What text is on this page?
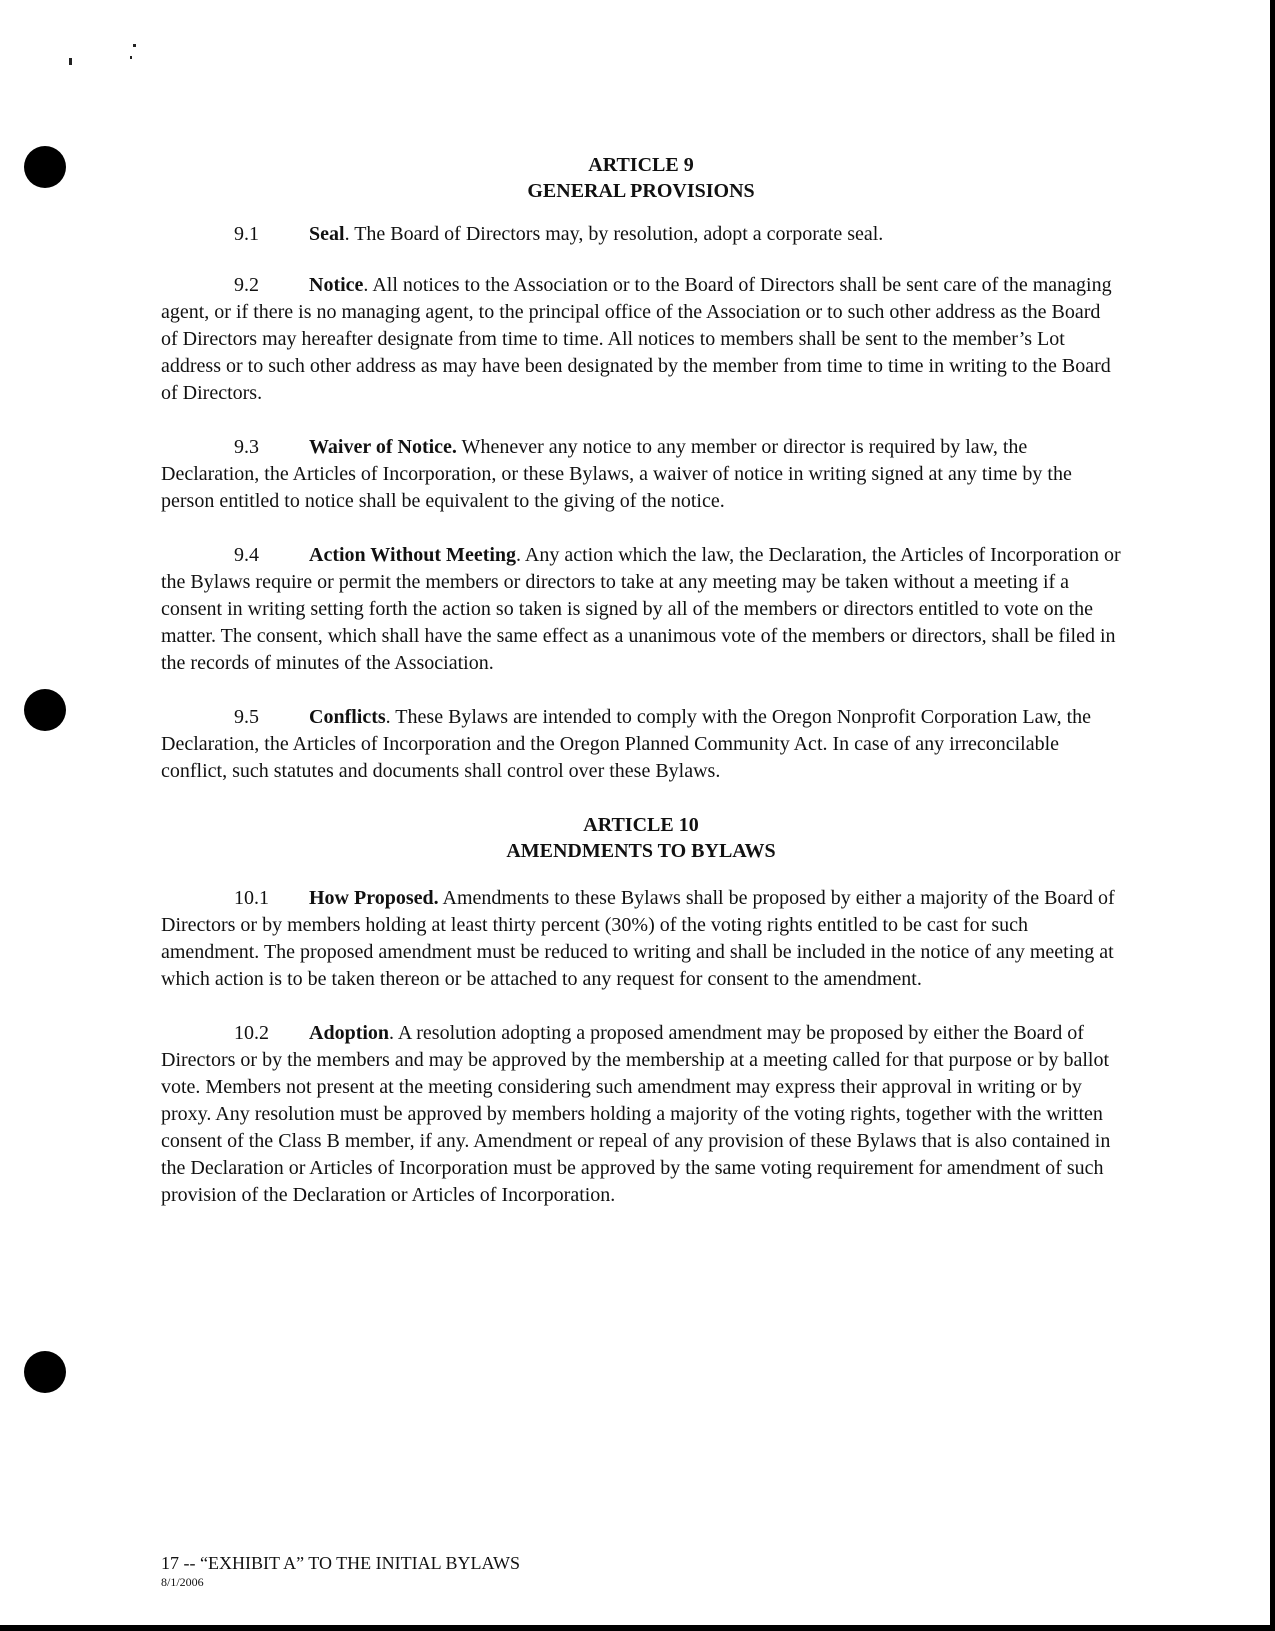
ARTICLE 9
GENERAL PROVISIONS

9.1	Seal. The Board of Directors may, by resolution, adopt a corporate seal.

9.2	Notice. All notices to the Association or to the Board of Directors shall be sent care of the managing agent, or if there is no managing agent, to the principal office of the Association or to such other address as the Board of Directors may hereafter designate from time to time. All notices to members shall be sent to the member’s Lot address or to such other address as may have been designated by the member from time to time in writing to the Board of Directors.

9.3	Waiver of Notice. Whenever any notice to any member or director is required by law, the Declaration, the Articles of Incorporation, or these Bylaws, a waiver of notice in writing signed at any time by the person entitled to notice shall be equivalent to the giving of the notice.

9.4	Action Without Meeting. Any action which the law, the Declaration, the Articles of Incorporation or the Bylaws require or permit the members or directors to take at any meeting may be taken without a meeting if a consent in writing setting forth the action so taken is signed by all of the members or directors entitled to vote on the matter. The consent, which shall have the same effect as a unanimous vote of the members or directors, shall be filed in the records of minutes of the Association.

9.5	Conflicts. These Bylaws are intended to comply with the Oregon Nonprofit Corporation Law, the Declaration, the Articles of Incorporation and the Oregon Planned Community Act. In case of any irreconcilable conflict, such statutes and documents shall control over these Bylaws.

ARTICLE 10
AMENDMENTS TO BYLAWS

10.1 How Proposed. Amendments to these Bylaws shall be proposed by either a majority of the Board of Directors or by members holding at least thirty percent (30%) of the voting rights entitled to be cast for such amendment. The proposed amendment must be reduced to writing and shall be included in the notice of any meeting at which action is to be taken thereon or be attached to any request for consent to the amendment.

10.2 Adoption. A resolution adopting a proposed amendment may be proposed by either the Board of Directors or by the members and may be approved by the membership at a meeting called for that purpose or by ballot vote. Members not present at the meeting considering such amendment may express their approval in writing or by proxy. Any resolution must be approved by members holding a majority of the voting rights, together with the written consent of the Class B member, if any. Amendment or repeal of any provision of these Bylaws that is also contained in the Declaration or Articles of Incorporation must be approved by the same voting requirement for amendment of such provision of the Declaration or Articles of Incorporation.

17 -- “EXHIBIT A” TO THE INITIAL BYLAWS
8/1/2006
